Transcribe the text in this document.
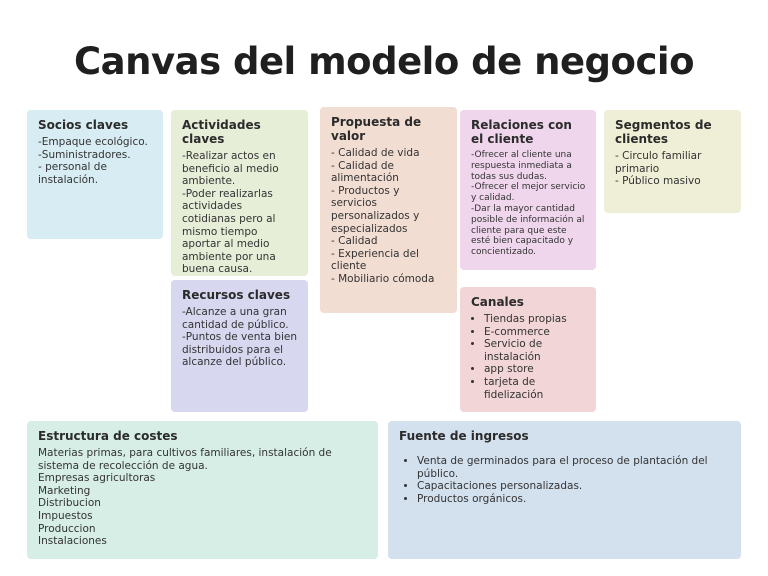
Canvas del modelo de negocio
Socios claves
-Empaque ecológico.
-Suministradores.
- personal de instalación.
Actividades claves
-Realizar actos en beneficio al medio ambiente.
-Poder realizarlas actividades cotidianas pero al mismo tiempo aportar al medio ambiente por una buena causa.
Recursos claves
-Alcanze a una gran cantidad de público.
-Puntos de venta bien distribuidos para el alcanze del público.
Propuesta de valor
- Calidad de vida
- Calidad de alimentación
- Productos y servicios personalizados y especializados
- Calidad
- Experiencia del cliente
- Mobiliario cómoda
Relaciones con el cliente
-Ofrecer al cliente una respuesta inmediata a todas sus dudas.
-Ofrecer el mejor servicio y calidad.
-Dar la mayor cantidad posible de información al cliente para que este esté bien capacitado y concientizado.
Segmentos de clientes
- Circulo familiar primario
- Público masivo
Canales
• Tiendas propias
• E-commerce
• Servicio de instalación
• app store
• tarjeta de fidelización
Estructura de costes
Materias primas, para cultivos familiares, instalación de sistema de recolección de agua.
Empresas agricultoras
Marketing
Distribucion
Impuestos
Produccion
Instalaciones
Fuente de ingresos
• Venta de germinados para el proceso de plantación del público.
• Capacitaciones personalizadas.
• Productos orgánicos.
